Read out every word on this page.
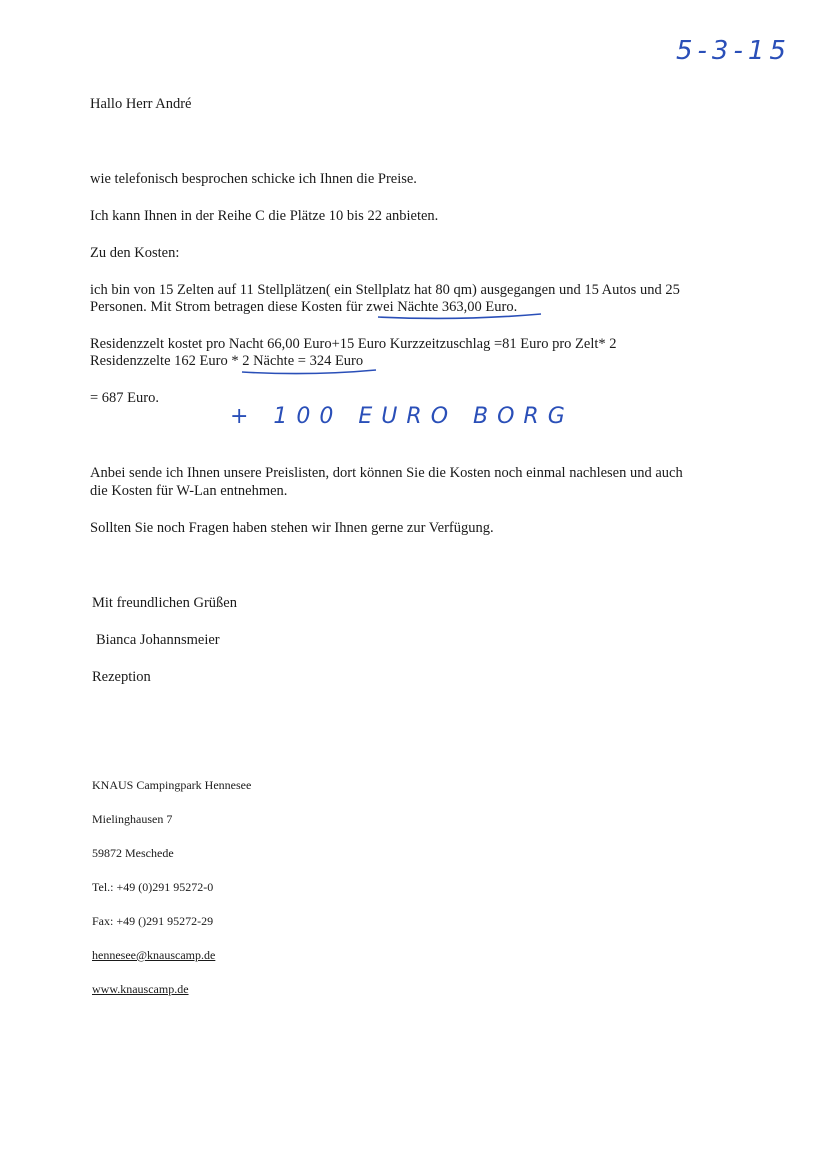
5-3-15
+ 100 EURO BORG
Hallo Herr André
wie telefonisch besprochen schicke ich Ihnen die Preise.
Ich kann Ihnen in der Reihe C die Plätze 10 bis 22 anbieten.
Zu den Kosten:
ich bin von 15 Zelten auf 11 Stellplätzen( ein Stellplatz hat 80 qm) ausgegangen und 15 Autos und 25
Personen. Mit Strom betragen diese Kosten für zwei Nächte 363,00 Euro.
Residenzzelt kostet pro Nacht 66,00 Euro+15 Euro Kurzzeitzuschlag =81 Euro pro Zelt* 2
Residenzzelte 162 Euro * 2 Nächte = 324 Euro
= 687 Euro.
Anbei sende ich Ihnen unsere Preislisten, dort können Sie die Kosten noch einmal nachlesen und auch
die Kosten für W-Lan entnehmen.
Sollten Sie noch Fragen haben stehen wir Ihnen gerne zur Verfügung.
Mit freundlichen Grüßen
Bianca Johannsmeier
Rezeption
KNAUS Campingpark Hennesee
Mielinghausen 7
59872 Meschede
Tel.: +49 (0)291 95272-0
Fax: +49 ()291 95272-29
hennesee@knauscamp.de
www.knauscamp.de
